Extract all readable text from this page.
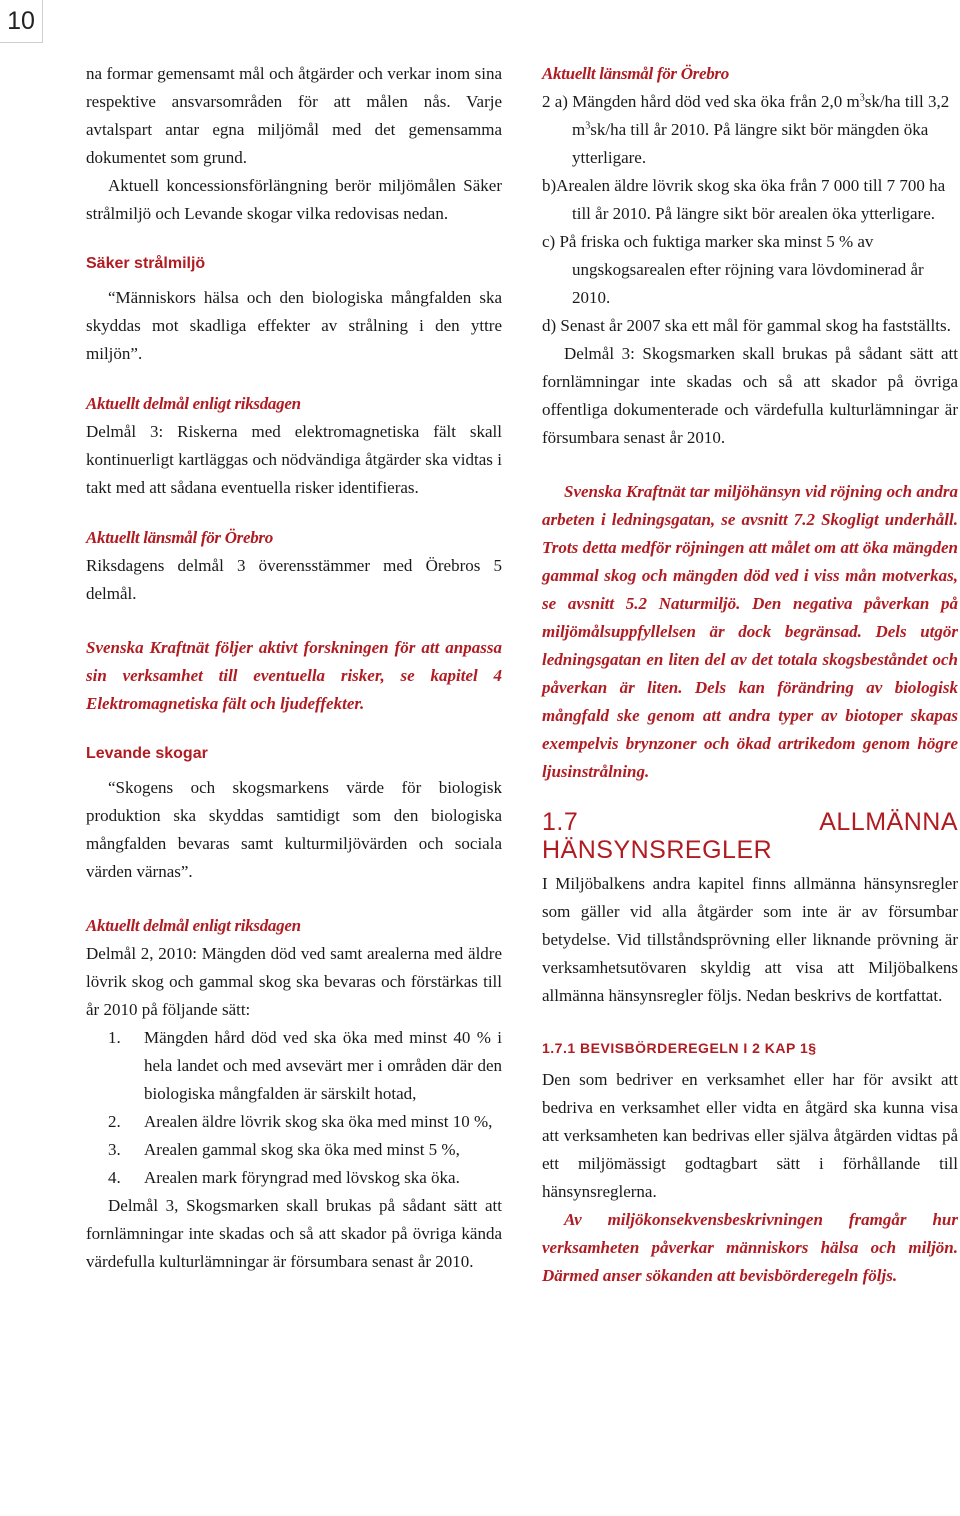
10

na formar gemensamt mål och åtgärder och verkar inom sina respektive ansvarsområden för att målen nås. Varje avtalspart antar egna miljömål med det gemensamma dokumentet som grund.

Aktuell koncessionsförlängning berör miljömålen Säker strålmiljö och Levande skogar vilka redovisas nedan.

Säker strålmiljö

“Människors hälsa och den biologiska mångfalden ska skyddas mot skadliga effekter av strålning i den yttre miljön”.

Aktuellt delmål enligt riksdagen

Delmål 3: Riskerna med elektromagnetiska fält skall kontinuerligt kartläggas och nödvändiga åtgärder ska vidtas i takt med att sådana eventuella risker identifieras.

Aktuellt länsmål för Örebro

Riksdagens delmål 3 överensstämmer med Örebros 5 delmål.

Svenska Kraftnät följer aktivt forskningen för att anpassa sin verksamhet till eventuella risker, se kapitel 4 Elektromagnetiska fält och ljudeffekter.

Levande skogar

“Skogens och skogsmarkens värde för biologisk produktion ska skyddas samtidigt som den biologiska mångfalden bevaras samt kulturmiljövärden och sociala värden värnas”.

Aktuellt delmål enligt riksdagen

Delmål 2, 2010: Mängden död ved samt arealerna med äldre lövrik skog och gammal skog ska bevaras och förstärkas till år 2010 på följande sätt:

1.	Mängden hård död ved ska öka med minst 40 % i hela landet och med avsevärt mer i områden där den biologiska mångfalden är särskilt hotad,
2.	Arealen äldre lövrik skog ska öka med minst 10 %,
3.	Arealen gammal skog ska öka med minst 5 %,
4.	Arealen mark föryngrad med lövskog ska öka.

Delmål 3, Skogsmarken skall brukas på sådant sätt att fornlämningar inte skadas och så att skador på övriga kända värdefulla kulturlämningar är försumbara senast år 2010.

Aktuellt länsmål för Örebro

2 a) Mängden hård död ved ska öka från 2,0 $m^3sk/ha$ till 3,2 $m^3sk/ha$ till år 2010. På längre sikt bör mängden öka ytterligare.

b)Arealen äldre lövrik skog ska öka från 7 000 till 7 700 ha till år 2010. På längre sikt bör arealen öka ytterligare.

c) På friska och fuktiga marker ska minst 5 % av ungskogsarealen efter röjning vara lövdominerad år 2010.

d) Senast år 2007 ska ett mål för gammal skog ha fastställts.

Delmål 3: Skogsmarken skall brukas på sådant sätt att fornlämningar inte skadas och så att skador på övriga offentliga dokumenterade och värdefulla kulturlämningar är försumbara senast år 2010.

Svenska Kraftnät tar miljöhänsyn vid röjning och andra arbeten i ledningsgatan, se avsnitt 7.2 Skogligt underhåll. Trots detta medför röjningen att målet om att öka mängden gammal skog och mängden död ved i viss mån motverkas, se avsnitt 5.2 Naturmiljö. Den negativa påverkan på miljömålsuppfyllelsen är dock begränsad. Dels utgör ledningsgatan en liten del av det totala skogsbeståndet och påverkan är liten. Dels kan förändring av biologisk mångfald ske genom att andra typer av biotoper skapas exempelvis brynzoner och ökad artrikedom genom högre ljusinstrålning.

1.7 ALLMÄNNA HÄNSYNSREGLER

I Miljöbalkens andra kapitel finns allmänna hänsynsregler som gäller vid alla åtgärder som inte är av försumbar betydelse. Vid tillståndsprövning eller liknande prövning är verksamhetsutövaren skyldig att visa att Miljöbalkens allmänna hänsynsregler följs. Nedan beskrivs de kortfattat.

1.7.1 BEVISBÖRDEREGELN I 2 KAP 1§

Den som bedriver en verksamhet eller har för avsikt att bedriva en verksamhet eller vidta en åtgärd ska kunna visa att verksamheten kan bedrivas eller själva åtgärden vidtas på ett miljömässigt godtagbart sätt i förhållande till hänsynsreglerna.

Av miljökonsekvensbeskrivningen framgår hur verksamheten påverkar människors hälsa och miljön. Därmed anser sökanden att bevisbörderegeln följs.
